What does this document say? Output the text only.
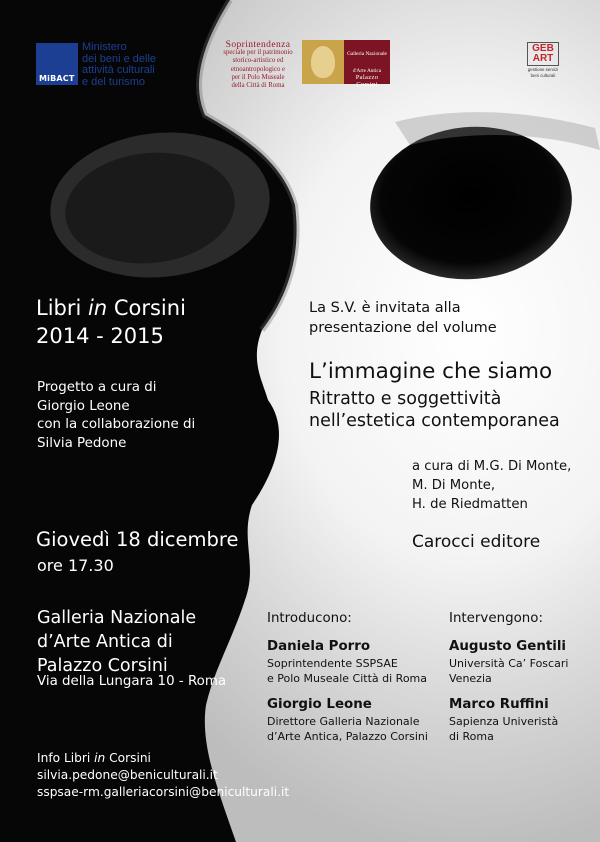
MiBACT
Ministero
dei beni e delle
attività culturali
e del turismo
Soprintendenza
speciale per il patrimonio
storico-artistico ed
etnoantropologico e
per il Polo Museale
della Città di Roma
Galleria Nazionale
d'Arte Antica
Palazzo
Corsini
GEB
ART
gestione servizi
beni culturali
Libri in Corsini
2014 - 2015
Progetto a cura di
Giorgio Leone
con la collaborazione di
Silvia Pedone
Giovedì 18 dicembre
ore 17.30
Galleria Nazionale
d’Arte Antica di
Palazzo Corsini
Via della Lungara 10 - Roma
Info Libri in Corsini
silvia.pedone@beniculturali.it
sspsae-rm.galleriacorsini@beniculturali.it
La S.V. è invitata alla
presentazione del volume
L’immagine che siamo
Ritratto e soggettività
nell’estetica contemporanea
a cura di M.G. Di Monte,
M. Di Monte,
H. de Riedmatten
Carocci editore
Introducono:	Intervengono:
Daniela Porro
Soprintendente SSPSAE
e Polo Museale Città di Roma
Giorgio Leone
Direttore Galleria Nazionale
d’Arte Antica, Palazzo Corsini
Augusto Gentili
Università Ca’ Foscari
Venezia
Marco Ruffini
Sapienza Univeristà
di Roma
